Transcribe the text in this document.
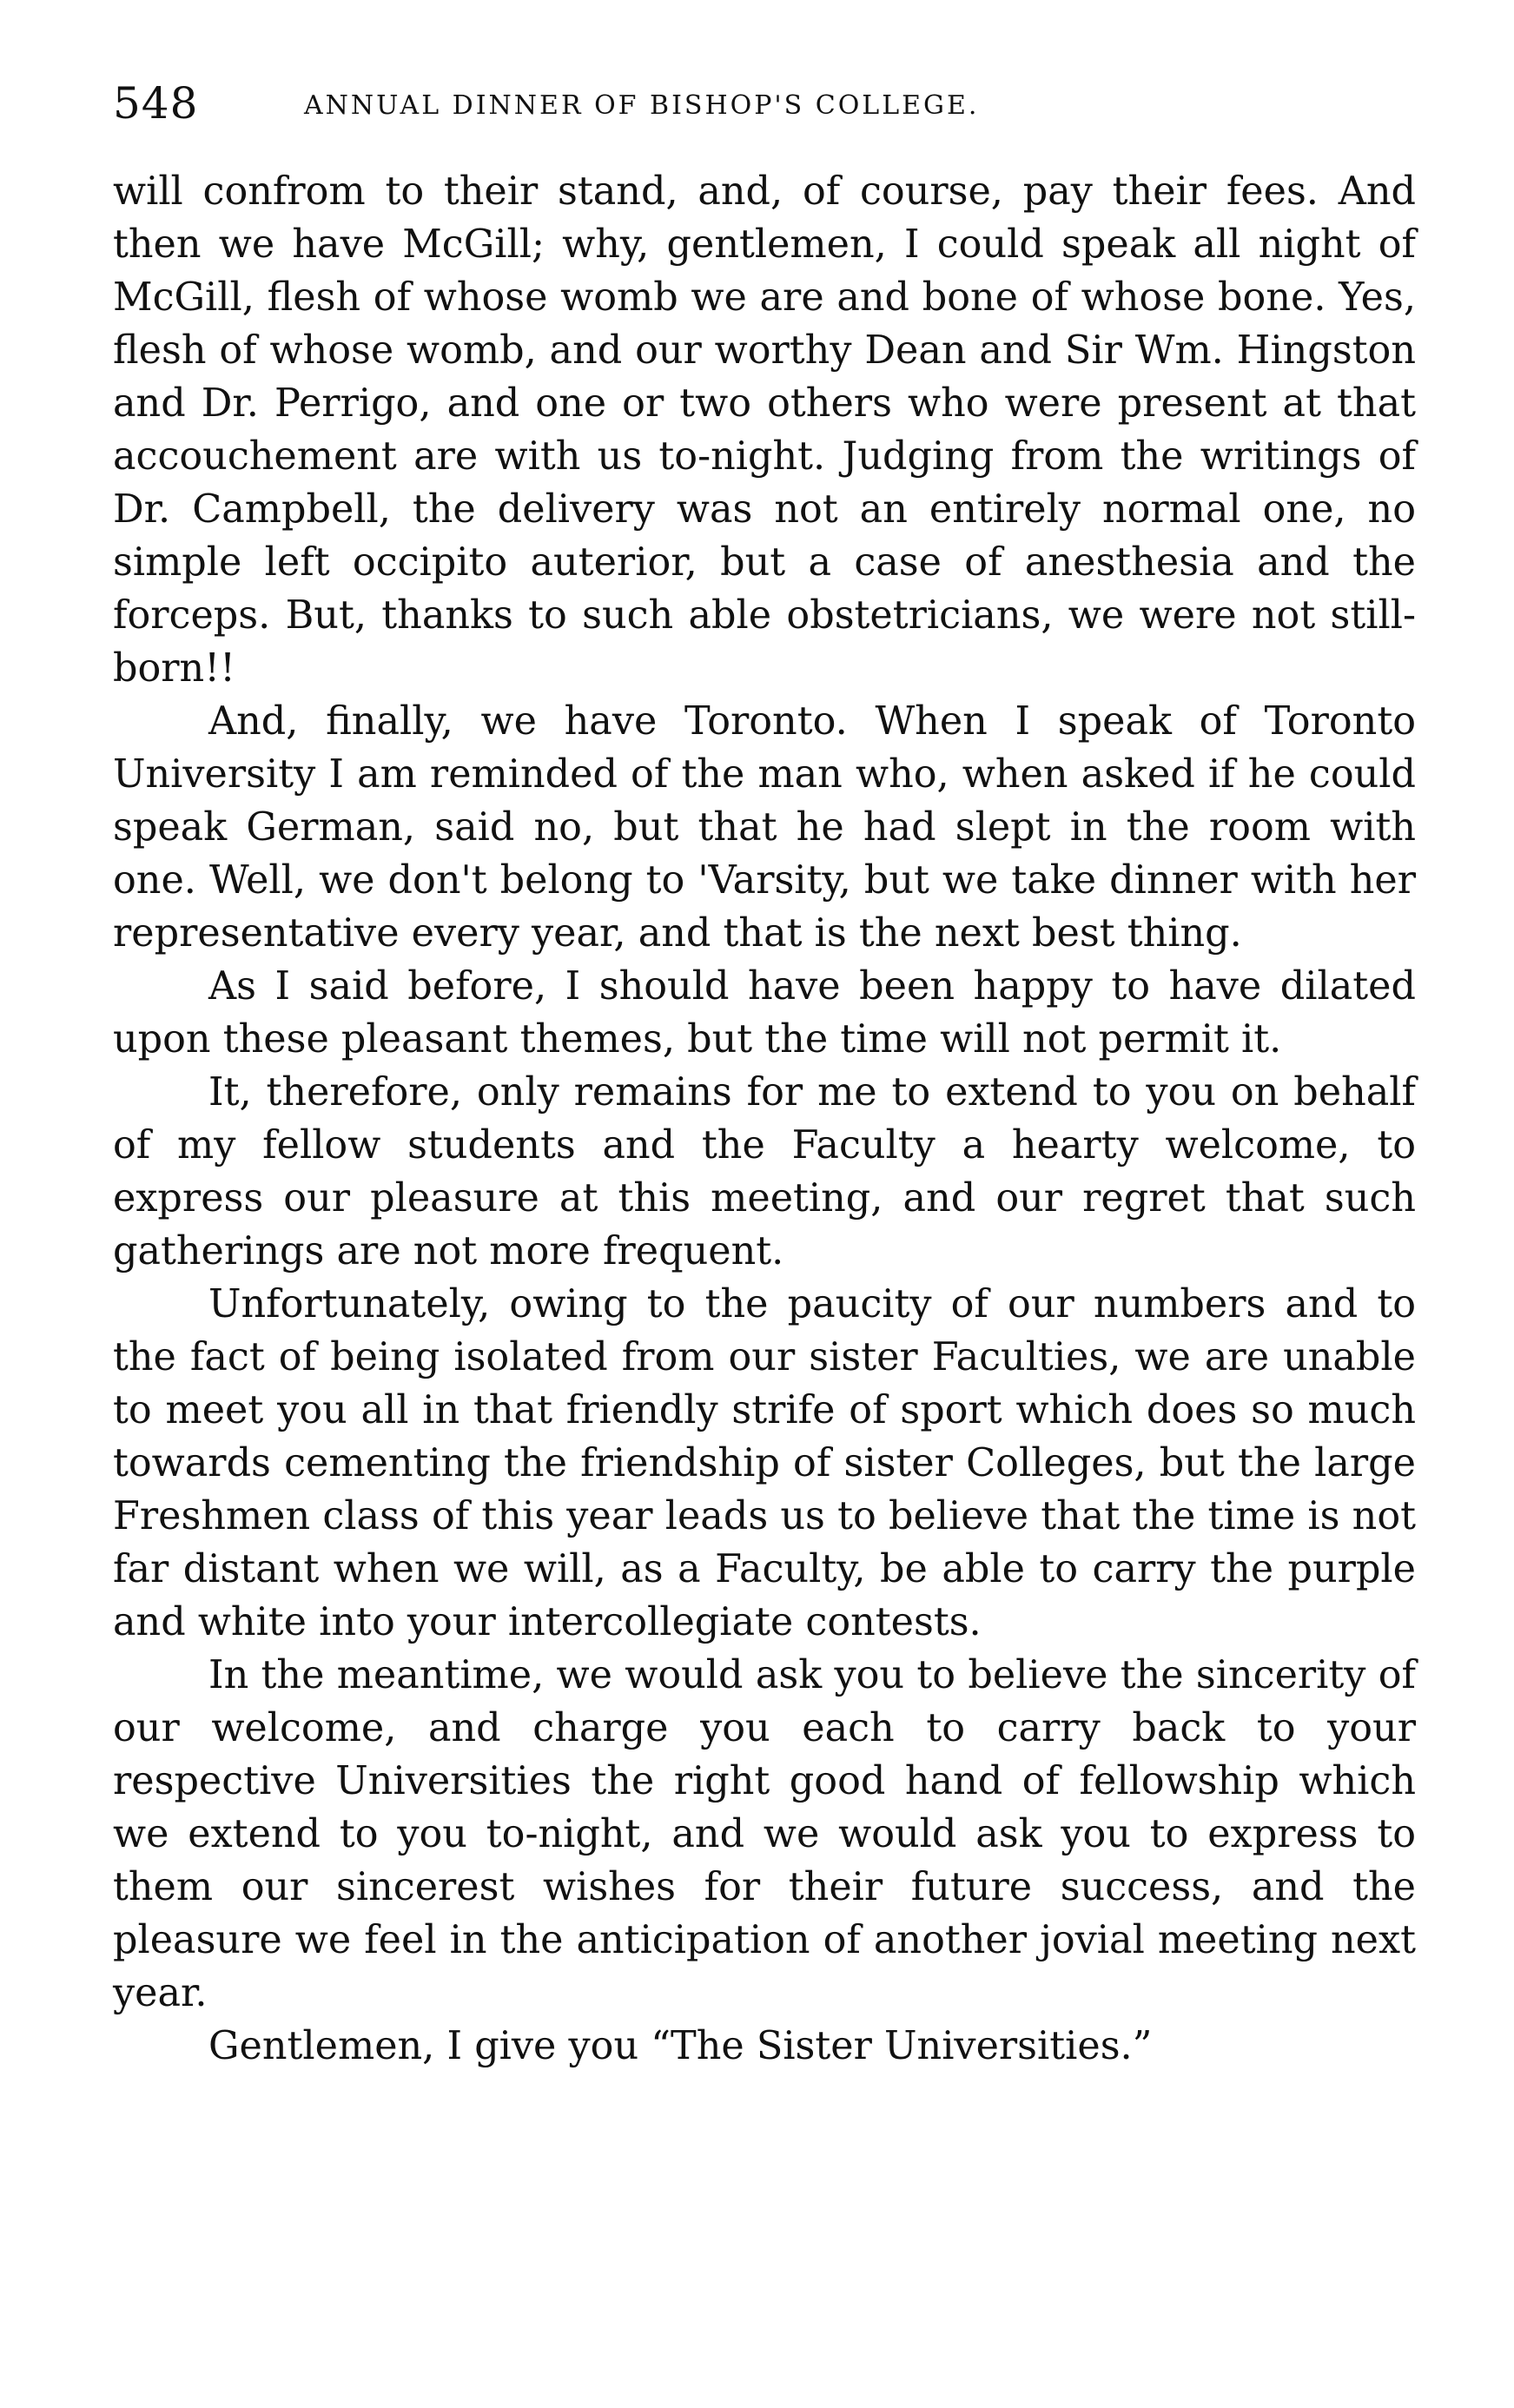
548	ANNUAL DINNER OF BISHOP'S COLLEGE.

will confrom to their stand, and, of course, pay their fees. And then we have McGill; why, gentlemen, I could speak all night of McGill, flesh of whose womb we are and bone of whose bone. Yes, flesh of whose womb, and our worthy Dean and Sir Wm. Hingston and Dr. Perrigo, and one or two others who were present at that accouchement are with us to-night. Judging from the writings of Dr. Campbell, the delivery was not an entirely normal one, no simple left occipito auterior, but a case of anesthesia and the forceps. But, thanks to such able obstetricians, we were not still-born!!

And, finally, we have Toronto. When I speak of Toronto University I am reminded of the man who, when asked if he could speak German, said no, but that he had slept in the room with one. Well, we don't belong to 'Varsity, but we take dinner with her representative every year, and that is the next best thing.

As I said before, I should have been happy to have dilated upon these pleasant themes, but the time will not permit it.

It, therefore, only remains for me to extend to you on behalf of my fellow students and the Faculty a hearty welcome, to express our pleasure at this meeting, and our regret that such gatherings are not more frequent.

Unfortunately, owing to the paucity of our numbers and to the fact of being isolated from our sister Faculties, we are unable to meet you all in that friendly strife of sport which does so much towards cementing the friendship of sister Colleges, but the large Freshmen class of this year leads us to believe that the time is not far distant when we will, as a Faculty, be able to carry the purple and white into your intercollegiate contests.

In the meantime, we would ask you to believe the sincerity of our welcome, and charge you each to carry back to your respective Universities the right good hand of fellowship which we extend to you to-night, and we would ask you to express to them our sincerest wishes for their future success, and the pleasure we feel in the anticipation of another jovial meeting next year.

Gentlemen, I give you “The Sister Universities.”
